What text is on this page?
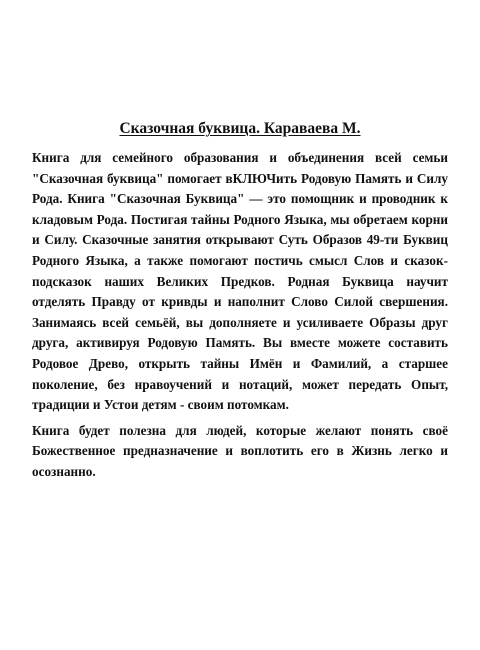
Сказочная буквица. Караваева М.

Книга для семейного образования и объединения всей семьи "Сказочная буквица" помогает вКЛЮЧить Родовую Память и Силу Рода. Книга "Сказочная Буквица" — это помощник и проводник к кладовым Рода. Постигая тайны Родного Языка, мы обретаем корни и Силу. Сказочные занятия открывают Суть Образов 49-ти Буквиц Родного Языка, а также помогают постичь смысл Слов и сказок-подсказок наших Великих Предков. Родная Буквица научит отделять Правду от кривды и наполнит Слово Силой свершения. Занимаясь всей семьёй, вы дополняете и усиливаете Образы друг друга, активируя Родовую Память. Вы вместе можете составить Родовое Древо, открыть тайны Имён и Фамилий, а старшее поколение, без нравоучений и нотаций, может передать Опыт, традиции и Устои детям - своим потомкам.

Книга будет полезна для людей, которые желают понять своё Божественное предназначение и воплотить его в Жизнь легко и осознанно.
